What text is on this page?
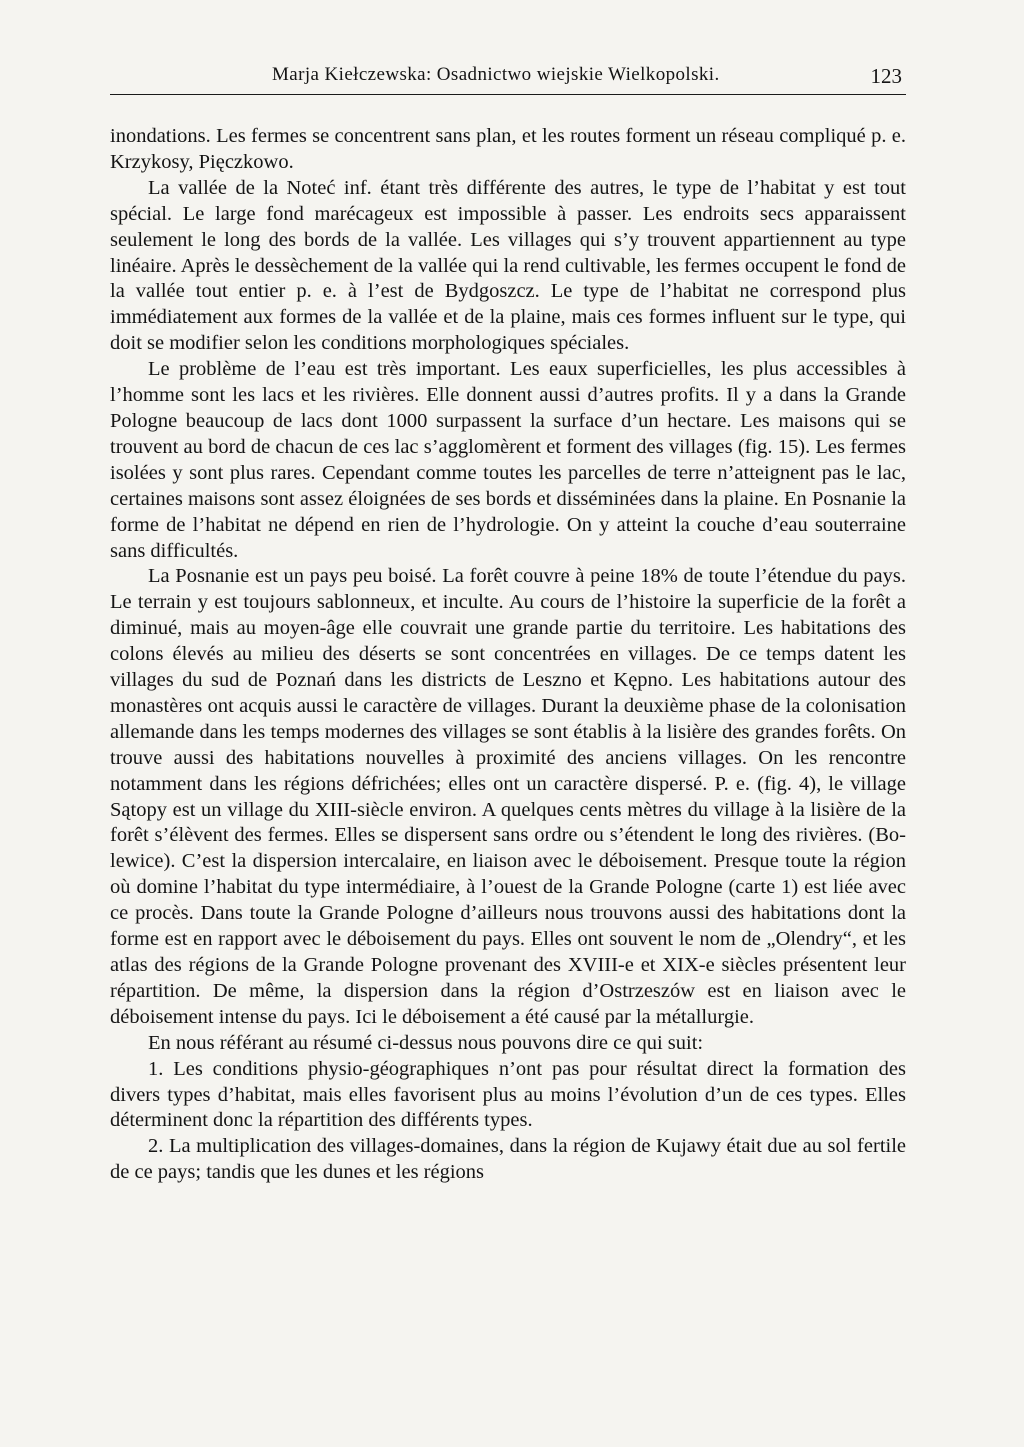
Marja Kiełczewska: Osadnictwo wiejskie Wielkopolski.	123

inondations. Les fermes se concentrent sans plan, et les routes forment un réseau compliqué p. e. Krzykosy, Pięczkowo.

La vallée de la Noteć inf. étant très différente des autres, le type de l’habitat y est tout spécial. Le large fond marécageux est impossible à passer. Les endroits secs apparaissent seulement le long des bords de la vallée. Les villages qui s’y trouvent appartiennent au type linéaire. Après le dessèchement de la vallée qui la rend cultivable, les fermes occupent le fond de la vallée tout entier p. e. à l’est de Bydgoszcz. Le type de l’habitat ne correspond plus immédiatement aux formes de la vallée et de la plaine, mais ces formes influent sur le type, qui doit se modifier selon les conditions morphologiques spéciales.

Le problème de l’eau est très important. Les eaux superficielles, les plus accessibles à l’homme sont les lacs et les rivières. Elle donnent aussi d’autres profits. Il y a dans la Grande Pologne beaucoup de lacs dont 1000 surpassent la surface d’un hectare. Les maisons qui se trouvent au bord de chacun de ces lac s’agglomèrent et forment des villages (fig. 15). Les fermes isolées y sont plus rares. Cependant comme toutes les parcelles de terre n’atteignent pas le lac, certaines maisons sont assez éloignées de ses bords et disséminées dans la plaine. En Posnanie la forme de l’habitat ne dépend en rien de l’hydrologie. On y atteint la couche d’eau souterraine sans difficultés.

La Posnanie est un pays peu boisé. La forêt couvre à peine 18% de toute l’étendue du pays. Le terrain y est toujours sablonneux, et inculte. Au cours de l’histoire la superficie de la forêt a diminué, mais au moyen-âge elle couvrait une grande partie du territoire. Les habitations des colons élevés au milieu des déserts se sont concentrées en villages. De ce temps datent les villages du sud de Poznań dans les districts de Leszno et Kępno. Les habitations autour des monastères ont acquis aussi le caractère de villages. Durant la deuxième phase de la colonisation allemande dans les temps modernes des villages se sont établis à la lisière des grandes forêts. On trouve aussi des habitations nouvelles à proximité des anciens villages. On les rencontre notamment dans les régions défrichées; elles ont un caractère dispersé. P. e. (fig. 4), le village Sątopy est un village du XIII-siècle environ. A quelques cents mètres du village à la lisière de la forêt s’élèvent des fermes. Elles se dispersent sans ordre ou s’étendent le long des rivières. (Bolewice). C’est la dispersion intercalaire, en liaison avec le déboisement. Presque toute la région où domine l’habitat du type intermédiaire, à l’ouest de la Grande Pologne (carte 1) est liée avec ce procès. Dans toute la Grande Pologne d’ailleurs nous trouvons aussi des habitations dont la forme est en rapport avec le déboisement du pays. Elles ont souvent le nom de „Olendry“, et les atlas des régions de la Grande Pologne provenant des XVIII-e et XIX-e siècles présentent leur répartition. De même, la dispersion dans la région d’Ostrzeszów est en liaison avec le déboisement intense du pays. Ici le déboisement a été causé par la métallurgie.

En nous référant au résumé ci-dessus nous pouvons dire ce qui suit:

1. Les conditions physio-géographiques n’ont pas pour résultat direct la formation des divers types d’habitat, mais elles favorisent plus au moins l’évolution d’un de ces types. Elles déterminent donc la répartition des différents types.

2. La multiplication des villages-domaines, dans la région de Kujawy était due au sol fertile de ce pays; tandis que les dunes et les régions
